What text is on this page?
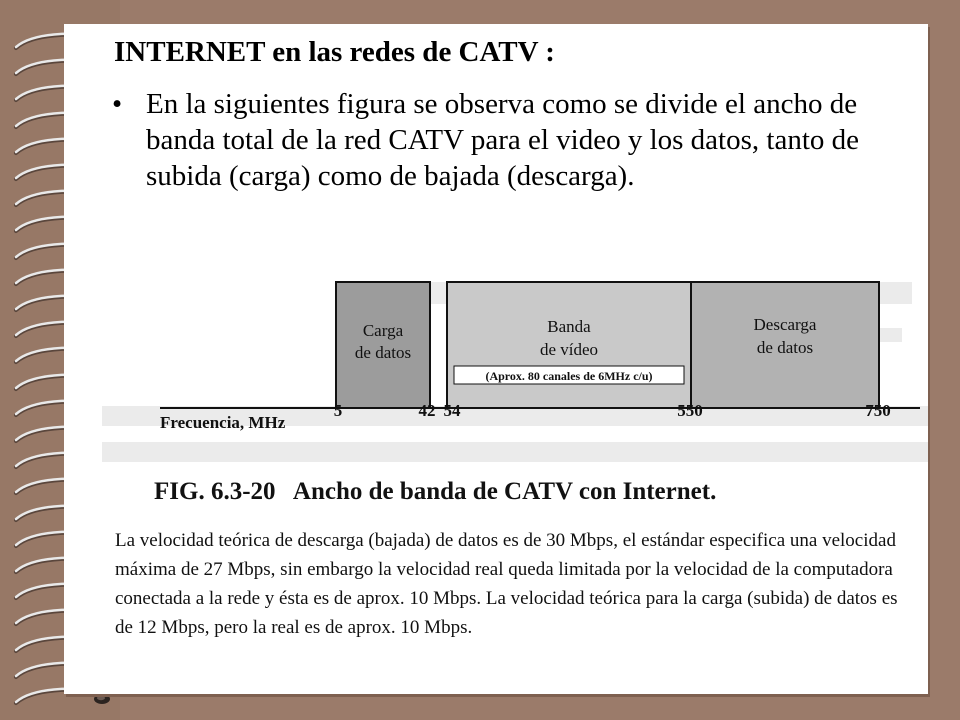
INTERNET en las redes de CATV :
• En la siguientes figura se observa como se divide el ancho de banda total de la red CATV para el video y los datos, tanto de subida (carga) como de bajada (descarga).
Carga
de datos
Banda
de vídeo
(Aprox. 80 canales de 6MHz c/u)
Descarga
de datos
Frecuencia, MHz
5	42 54	550	750
FIG. 6.3-20   Ancho de banda de CATV con Internet.
La velocidad teórica de descarga (bajada) de datos es de 30 Mbps, el estándar especifica una velocidad máxima de 27 Mbps, sin embargo la velocidad real queda limitada por la velocidad de la computadora conectada a la rede y ésta es de aprox. 10 Mbps. La velocidad teórica para la carga (subida) de datos es de 12 Mbps, pero la real es de aprox. 10 Mbps.
